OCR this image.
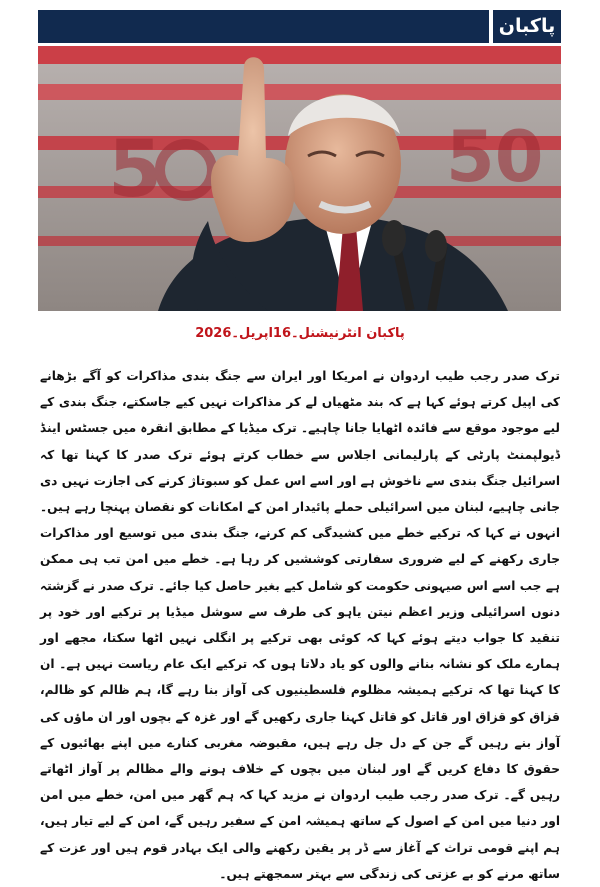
پاکبان
5	50
پاکبان انٹرنیشنل۔16اپریل۔2026
ترک صدر رجب طیب اردوان نے امریکا اور ایران سے جنگ بندی مذاکرات کو آگے بڑھانے کی اپیل کرتے ہوئے کہا ہے کہ بند مٹھیاں لے کر مذاکرات نہیں کیے جاسکتے، جنگ بندی کے لیے موجود موقع سے فائدہ اٹھایا جانا چاہیے۔ ترک میڈیا کے مطابق انقرہ میں جسٹس اینڈ ڈیولپمنٹ پارٹی کے پارلیمانی اجلاس سے خطاب کرتے ہوئے ترک صدر کا کہنا تھا کہ اسرائیل جنگ بندی سے ناخوش ہے اور اسے اس عمل کو سبوتاژ کرنے کی اجازت نہیں دی جانی چاہیے، لبنان میں اسرائیلی حملے پائیدار امن کے امکانات کو نقصان پہنچا رہے ہیں۔ انہوں نے کہا کہ ترکیے خطے میں کشیدگی کم کرنے، جنگ بندی میں توسیع اور مذاکرات جاری رکھنے کے لیے ضروری سفارتی کوششیں کر رہا ہے۔ خطے میں امن تب ہی ممکن ہے جب اسے اس صیہونی حکومت کو شامل کیے بغیر حاصل کیا جائے۔ ترک صدر نے گزشتہ دنوں اسرائیلی وزیر اعظم نیتن یاہو کی طرف سے سوشل میڈیا پر ترکیے اور خود پر تنقید کا جواب دیتے ہوئے کہا کہ کوئی بھی ترکیے پر انگلی نہیں اٹھا سکتا، مجھے اور ہمارے ملک کو نشانہ بنانے والوں کو یاد دلاتا ہوں کہ ترکیے ایک عام ریاست نہیں ہے۔ ان کا کہنا تھا کہ ترکیے ہمیشہ مظلوم فلسطینیوں کی آواز بنا رہے گا، ہم ظالم کو ظالم، قزاق کو قزاق اور قاتل کو قاتل کہنا جاری رکھیں گے اور غزہ کے بچوں اور ان ماؤں کی آواز بنے رہیں گے جن کے دل جل رہے ہیں، مقبوضہ مغربی کنارے میں اپنے بھائیوں کے حقوق کا دفاع کریں گے اور لبنان میں بچوں کے خلاف ہونے والے مظالم پر آواز اٹھاتے رہیں گے۔ ترک صدر رجب طیب اردوان نے مزید کہا کہ ہم گھر میں امن، خطے میں امن اور دنیا میں امن کے اصول کے ساتھ ہمیشہ امن کے سفیر رہیں گے، امن کے لیے تیار ہیں، ہم اپنے قومی تراث کے آغاز سے ڈر پر یقین رکھنے والی ایک بہادر قوم ہیں اور عزت کے ساتھ مرنے کو بے عزتی کی زندگی سے بہتر سمجھتے ہیں۔
